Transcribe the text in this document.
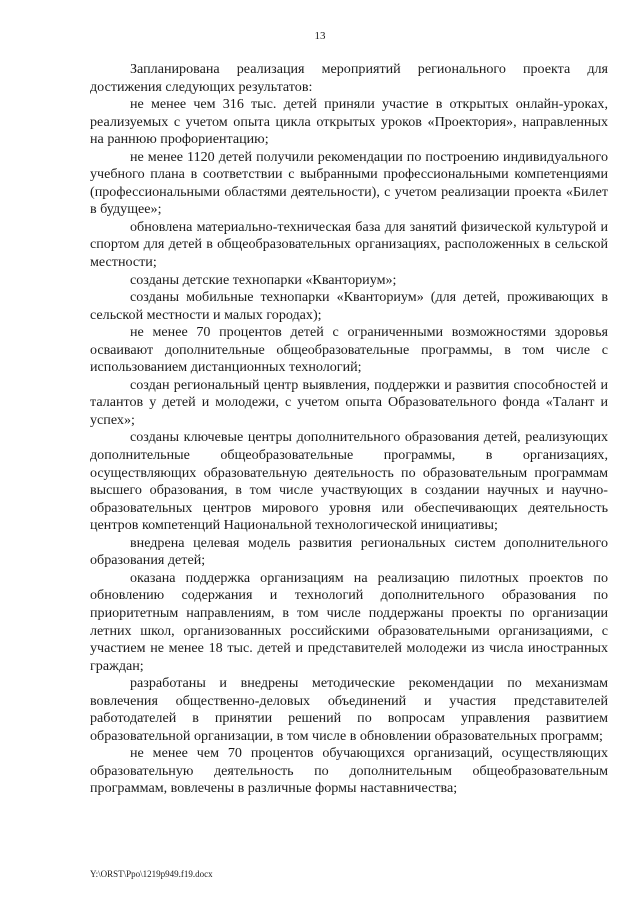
13

Запланирована реализация мероприятий регионального проекта для достижения следующих результатов:

не менее чем 316 тыс. детей приняли участие в открытых онлайн-уроках, реализуемых с учетом опыта цикла открытых уроков «Проектория», направленных на раннюю профориентацию;

не менее 1120 детей получили рекомендации по построению индивидуального учебного плана в соответствии с выбранными профессиональными компетенциями (профессиональными областями деятельности), с учетом реализации проекта «Билет в будущее»;

обновлена материально-техническая база для занятий физической культурой и спортом для детей в общеобразовательных организациях, расположенных в сельской местности;

созданы детские технопарки «Кванториум»;

созданы мобильные технопарки «Кванториум» (для детей, проживающих в сельской местности и малых городах);

не менее 70 процентов детей с ограниченными возможностями здоровья осваивают дополнительные общеобразовательные программы, в том числе с использованием дистанционных технологий;

создан региональный центр выявления, поддержки и развития способностей и талантов у детей и молодежи, с учетом опыта Образовательного фонда «Талант и успех»;

созданы ключевые центры дополнительного образования детей, реализующих дополнительные общеобразовательные программы, в организациях, осуществляющих образовательную деятельность по образовательным программам высшего образования, в том числе участвующих в создании научных и научно-образовательных центров мирового уровня или обеспечивающих деятельность центров компетенций Национальной технологической инициативы;

внедрена целевая модель развития региональных систем дополнительного образования детей;

оказана поддержка организациям на реализацию пилотных проектов по обновлению содержания и технологий дополнительного образования по приоритетным направлениям, в том числе поддержаны проекты по организации летних школ, организованных российскими образовательными организациями, с участием не менее 18 тыс. детей и представителей молодежи из числа иностранных граждан;

разработаны и внедрены методические рекомендации по механизмам вовлечения общественно-деловых объединений и участия представителей работодателей в принятии решений по вопросам управления развитием образовательной организации, в том числе в обновлении образовательных программ;

не менее чем 70 процентов обучающихся организаций, осуществляющих образовательную деятельность по дополнительным общеобразовательным программам, вовлечены в различные формы наставничества;

Y:\ORST\Ppo\1219p949.f19.docx
